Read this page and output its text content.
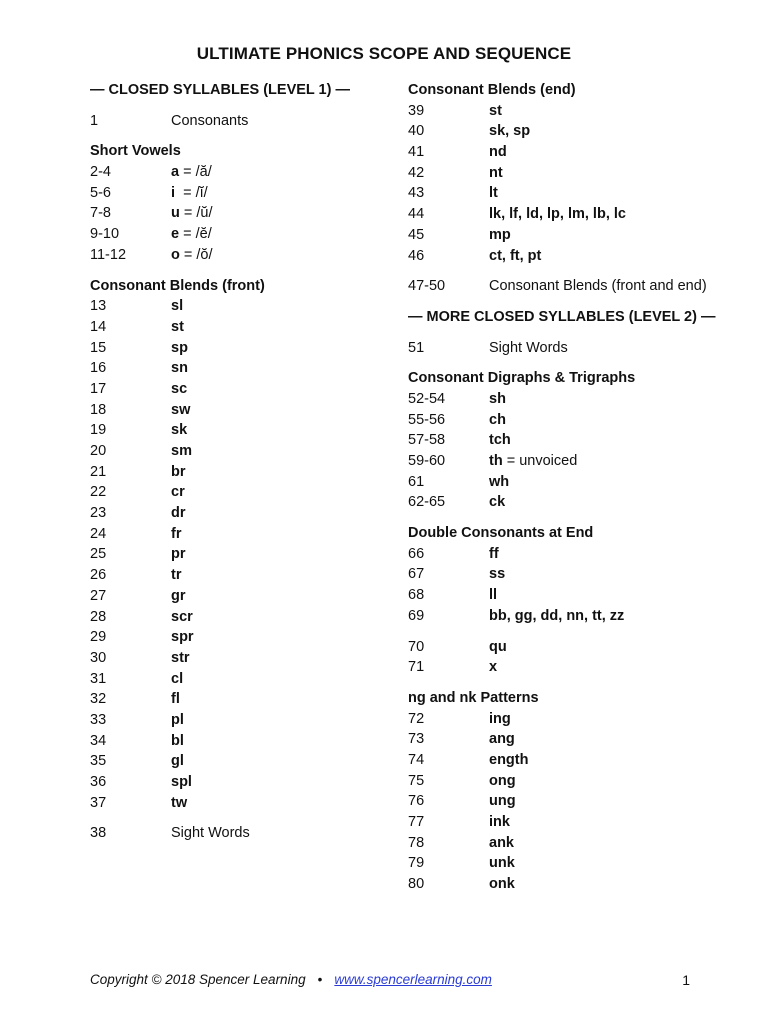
ULTIMATE PHONICS SCOPE AND SEQUENCE
— CLOSED SYLLABLES (LEVEL 1) —
1	Consonants
Short Vowels
2-4	a = /ă/
5-6	i  = /ĭ/
7-8	u = /ŭ/
9-10	e = /ĕ/
11-12	o = /ŏ/
Consonant Blends (front)
13	sl
14	st
15	sp
16	sn
17	sc
18	sw
19	sk
20	sm
21	br
22	cr
23	dr
24	fr
25	pr
26	tr
27	gr
28	scr
29	spr
30	str
31	cl
32	fl
33	pl
34	bl
35	gl
36	spl
37	tw
38	Sight Words
Consonant Blends (end)
39	st
40	sk, sp
41	nd
42	nt
43	lt
44	lk, lf, ld, lp, lm, lb, lc
45	mp
46	ct, ft, pt
47-50	Consonant Blends (front and end)
— MORE CLOSED SYLLABLES (LEVEL 2) —
51	Sight Words
Consonant Digraphs & Trigraphs
52-54	sh
55-56	ch
57-58	tch
59-60	th = unvoiced
61	wh
62-65	ck
Double Consonants at End
66	ff
67	ss
68	ll
69	bb, gg, dd, nn, tt, zz
70	qu
71	x
ng and nk Patterns
72	ing
73	ang
74	ength
75	ong
76	ung
77	ink
78	ank
79	unk
80	onk
Copyright © 2018 Spencer Learning • www.spencerlearning.com	1
